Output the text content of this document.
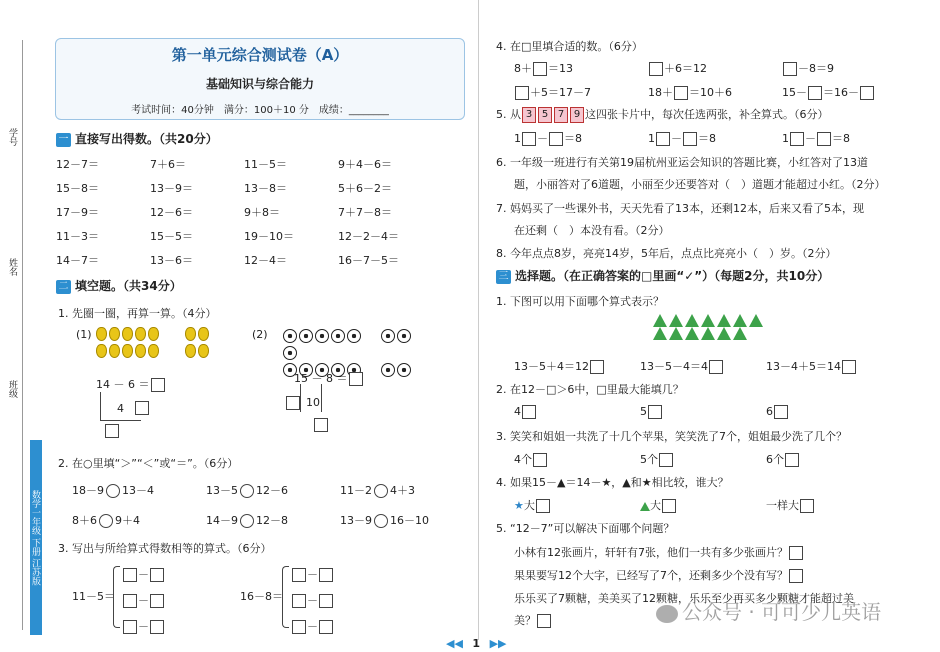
学号
姓名
班级
数学一年级 下册 江苏版
第一单元综合测试卷（A）
基础知识与综合能力
考试时间：40分钟　满分：100＋10 分　成绩：________
一 直接写出得数。（共20分）
12－7＝	7＋6＝	11－5＝	9＋4－6＝
15－8＝	13－9＝	13－8＝	5＋6－2＝
17－9＝	12－6＝	9＋8＝	7＋7－8＝
11－3＝	15－5＝	19－10＝	12－2－4＝
14－7＝	13－6＝	12－4＝	16－7－5＝
二 填空题。（共34分）
1. 先圈一圈，再算一算。（4分）
(1)

14 － 6 ＝
4
(2)

15 － 8 ＝
10
2. 在○里填“＞”“＜”或“＝”。（6分）
18－9 13－4	13－5 12－6	11－2 4＋3
8＋6 9＋4	14－9 12－8	13－9 16－10
3. 写出与所给算式得数相等的算式。（6分）
11－5＝
－
－
－
16－8＝
－
－
－
4. 在□里填合适的数。（6分）
8＋ ＝13	＋6＝12	－8＝9
＋5＝17－7	18＋ ＝10＋6	15－ ＝16－
5. 从 3 5 7 9 这四张卡片中，每次任选两张，补全算式。（6分）
1 － ＝8	1 － ＝8	1 － ＝8
6. 一年级一班进行有关第19届杭州亚运会知识的答题比赛，小红答对了13道
题，小丽答对了6道题，小丽至少还要答对（　）道题才能超过小红。（2分）
7. 妈妈买了一些课外书，天天先看了13本，还剩12本，后来又看了5本，现
在还剩（　）本没有看。（2分）
8. 今年点点8岁，亮亮14岁，5年后，点点比亮亮小（　）岁。（2分）
三 选择题。（在正确答案的□里画“✓”）（每题2分，共10分）
1. 下图可以用下面哪个算式表示？

13－5＋4＝12	13－5－4＝4	13－4＋5＝14
2. 在12－□＞6中，□里最大能填几？
4	5	6
3. 笑笑和姐姐一共洗了十几个苹果，笑笑洗了7个，姐姐最少洗了几个？
4个	5个	6个
4. 如果15－▲＝14－★，▲和★相比较，谁大？
★大	大	一样大
5. “12－7”可以解决下面哪个问题？
小林有12张画片，轩轩有7张，他们一共有多少张画片？
果果要写12个大字，已经写了7个，还剩多少个没有写？
乐乐买了7颗糖，美美买了12颗糖，乐乐至少再买多少颗糖才能超过美
美？	公众号 · 可可少儿英语
◀◀ 1 ▶▶
